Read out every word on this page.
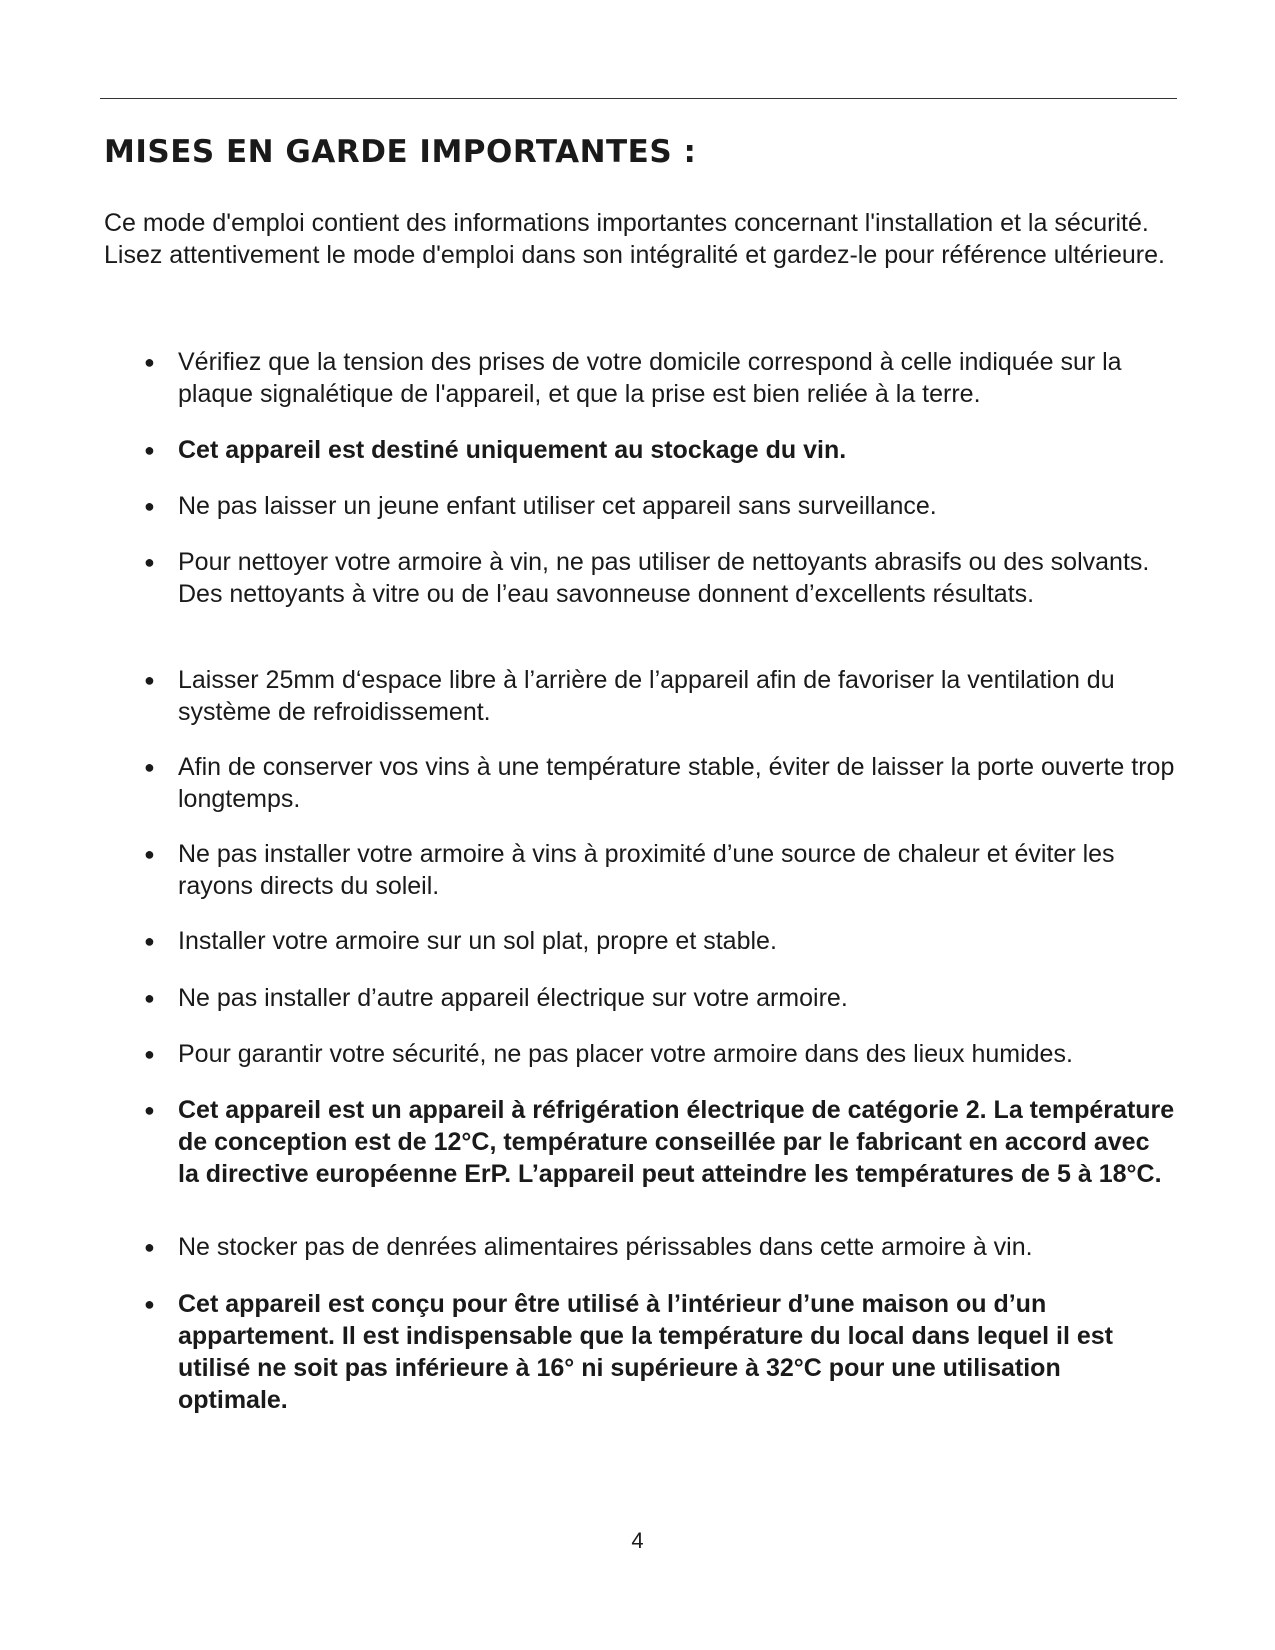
MISES EN GARDE IMPORTANTES :

Ce mode d'emploi contient des informations importantes concernant l'installation et la sécurité.

Lisez attentivement le mode d'emploi dans son intégralité et gardez-le pour référence ultérieure.

● Vérifiez que la tension des prises de votre domicile correspond à celle indiquée sur la plaque signalétique de l'appareil, et que la prise est bien reliée à la terre.
● Cet appareil est destiné uniquement au stockage du vin.
● Ne pas laisser un jeune enfant utiliser cet appareil sans surveillance.
● Pour nettoyer votre armoire à vin, ne pas utiliser de nettoyants abrasifs ou des solvants. Des nettoyants à vitre ou de l’eau savonneuse donnent d’excellents résultats.
● Laisser 25mm d‘espace libre à l’arrière de l’appareil afin de favoriser la ventilation du système de refroidissement.
● Afin de conserver vos vins à une température stable, éviter de laisser la porte ouverte trop longtemps.
● Ne pas installer votre armoire à vins à proximité d’une source de chaleur et éviter les rayons directs du soleil.
● Installer votre armoire sur un sol plat, propre et stable.
● Ne pas installer d’autre appareil électrique sur votre armoire.
● Pour garantir votre sécurité, ne pas placer votre armoire dans des lieux humides.
● Cet appareil est un appareil à réfrigération électrique de catégorie 2. La température de conception est de 12°C, température conseillée par le fabricant en accord avec la directive européenne ErP. L’appareil peut atteindre les températures de 5 à 18°C.
● Ne stocker pas de denrées alimentaires périssables dans cette armoire à vin.
● Cet appareil est conçu pour être utilisé à l’intérieur d’une maison ou d’un appartement. Il est indispensable que la température du local dans lequel il est utilisé ne soit pas inférieure à 16° ni supérieure à 32°C pour une utilisation optimale.
4
